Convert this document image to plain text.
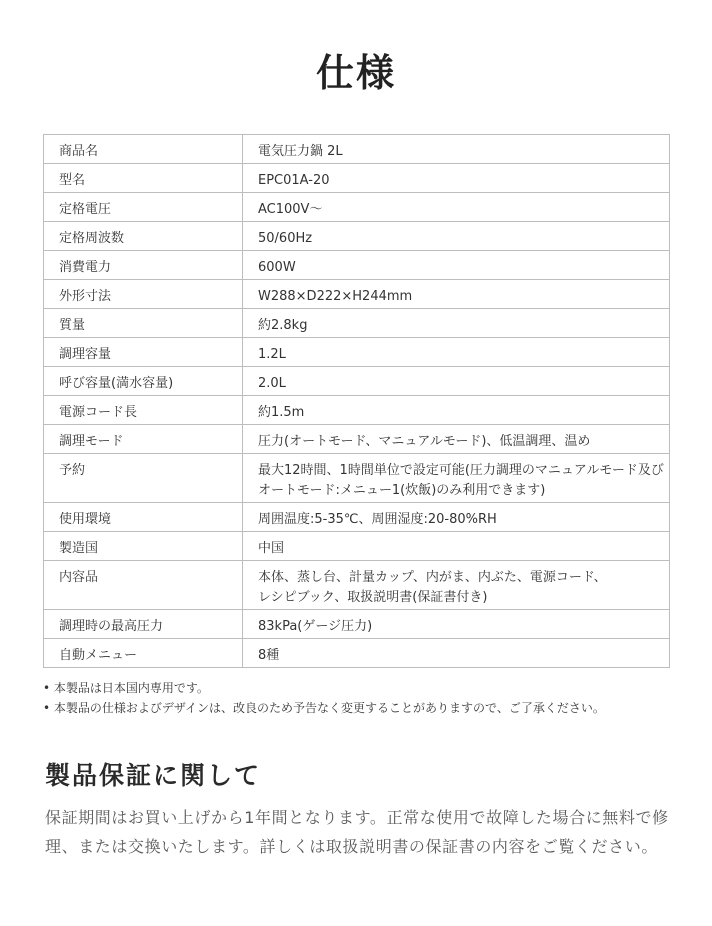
仕様
商品名	電気圧力鍋 2L

型名	EPC01A-20

定格電圧	AC100V～

定格周波数	50/60Hz

消費電力	600W

外形寸法	W288×D222×H244mm

質量	約2.8kg

調理容量	1.2L

呼び容量(満水容量)	2.0L

電源コード長	約1.5m

調理モード	圧力(オートモード、マニュアルモード)、低温調理、温め

予約	最大12時間、1時間単位で設定可能(圧力調理のマニュアルモード及び
オートモード:メニュー1(炊飯)のみ利用できます)

使用環境	周囲温度:5-35℃、周囲湿度:20-80%RH

製造国	中国

内容品	本体、蒸し台、計量カップ、内がま、内ぶた、電源コード、
レシピブック、取扱説明書(保証書付き)

調理時の最高圧力	83kPa(ゲージ圧力)

自動メニュー	8種
• 本製品は日本国内専用です。
• 本製品の仕様およびデザインは、改良のため予告なく変更することがありますので、ご了承ください。
製品保証に関して
保証期間はお買い上げから1年間となります。正常な使用で故障した場合に無料で修理、または交換いたします。詳しくは取扱説明書の保証書の内容をご覧ください。
